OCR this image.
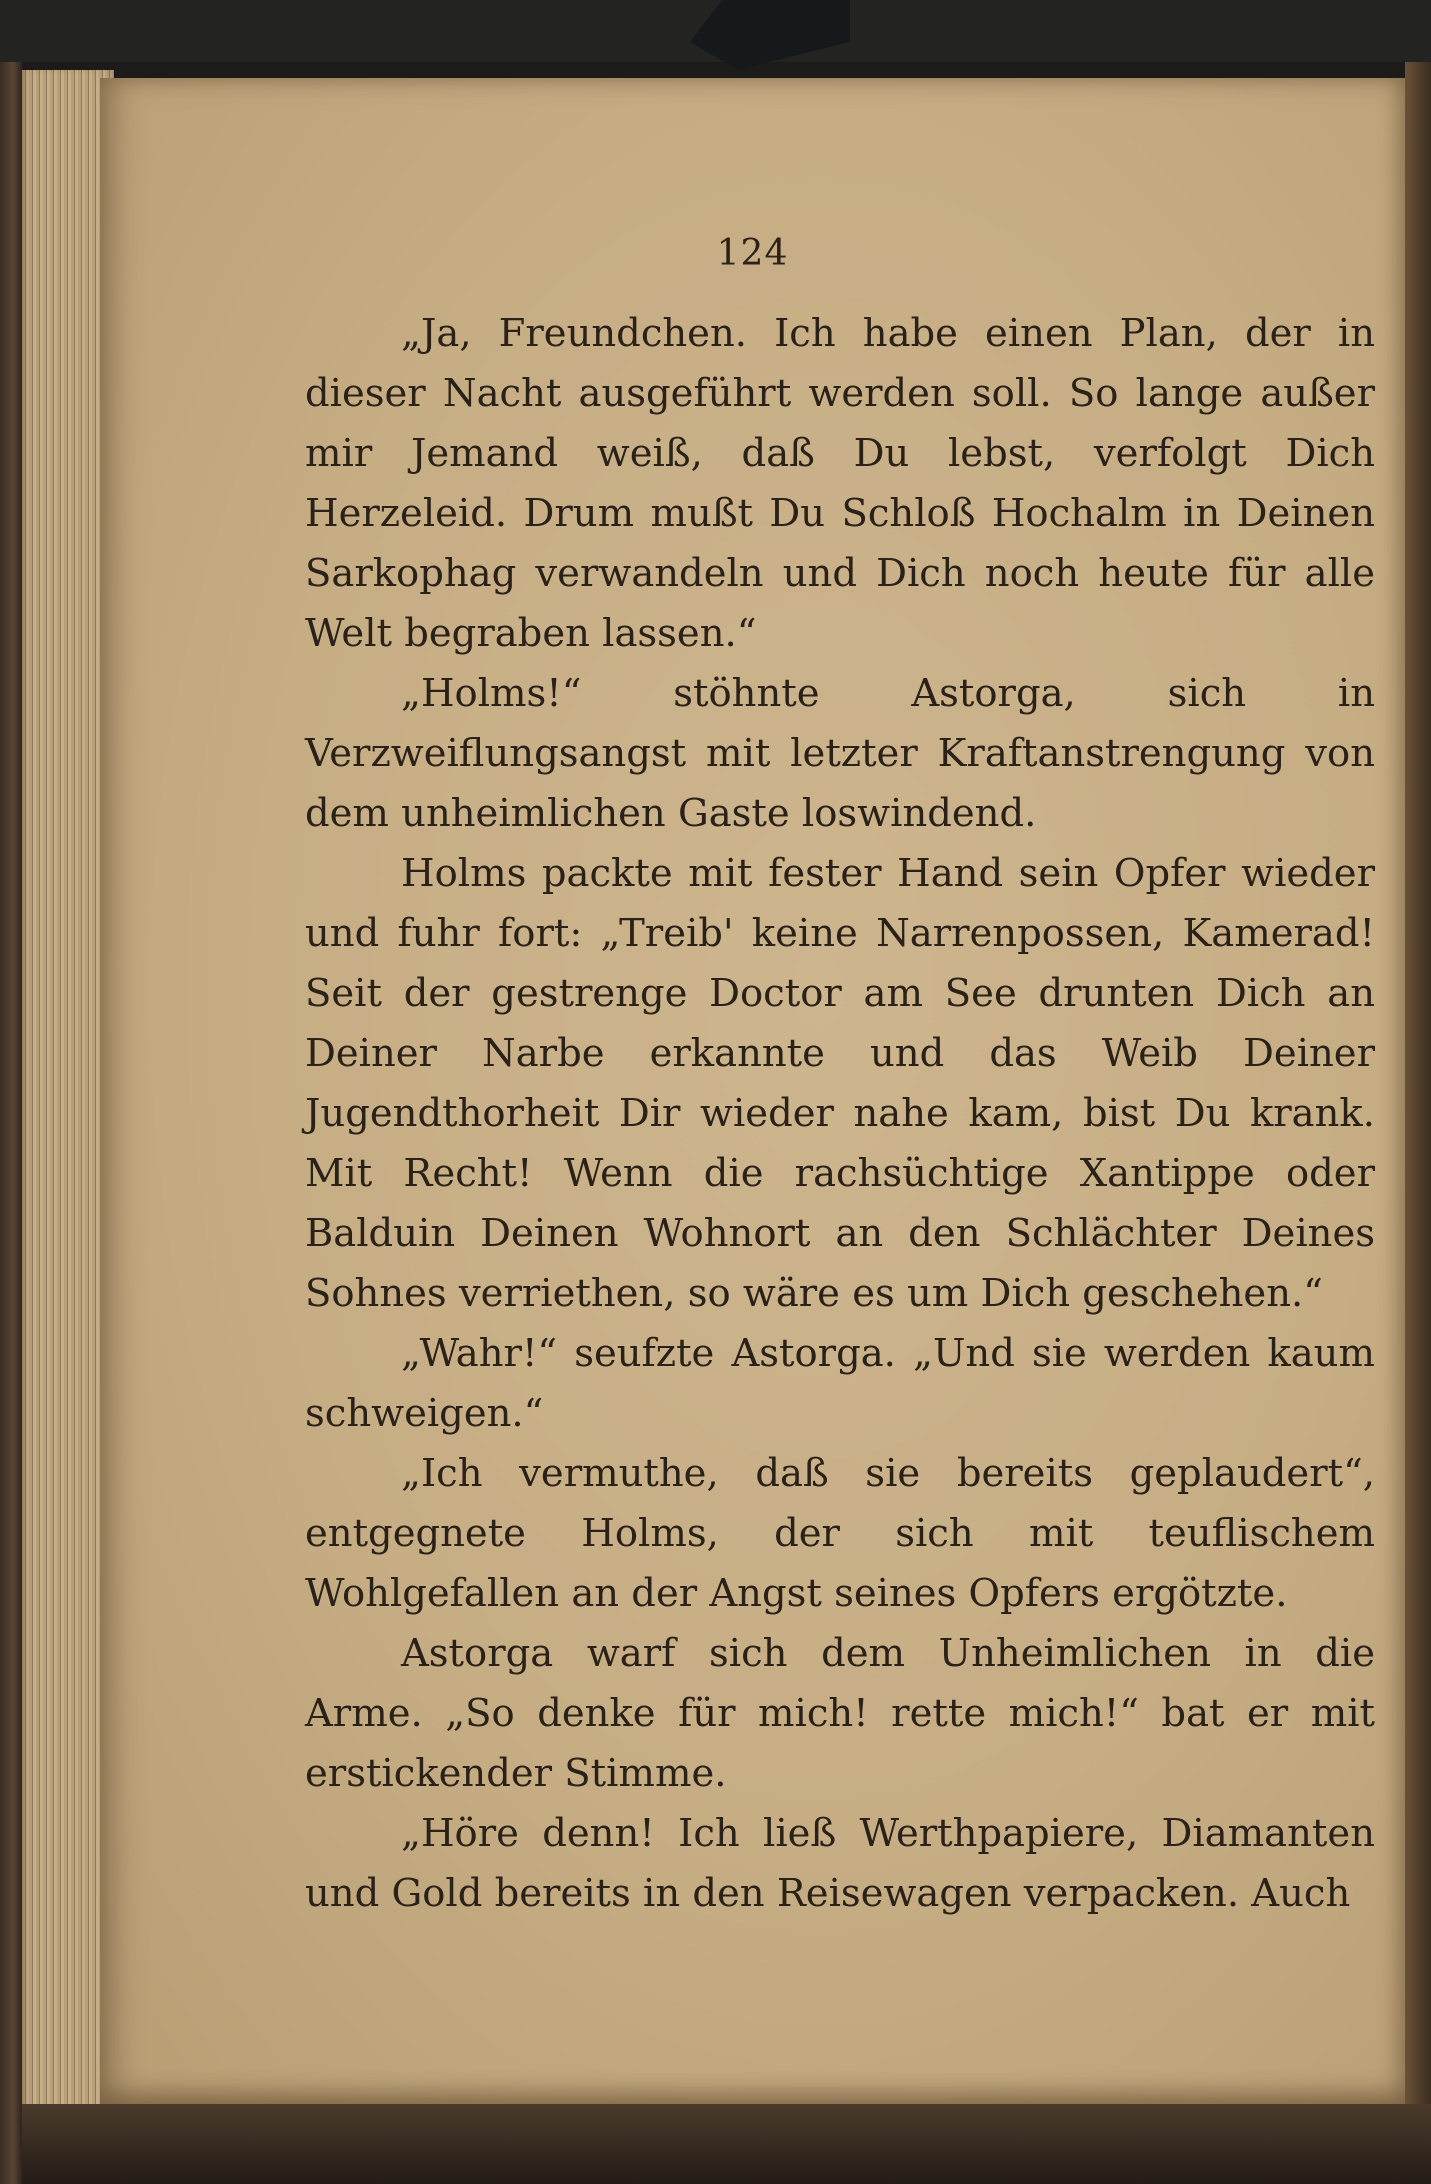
124

„Ja, Freundchen. Ich habe einen Plan, der in dieser Nacht ausgeführt werden soll. So lange außer mir Jemand weiß, daß Du lebst, verfolgt Dich Herzeleid. Drum mußt Du Schloß Hochalm in Deinen Sarkophag verwandeln und Dich noch heute für alle Welt begraben lassen.“

„Holms!“ stöhnte Astorga, sich in Verzweiflungsangst mit letzter Kraftanstrengung von dem unheimlichen Gaste loswindend.

Holms packte mit fester Hand sein Opfer wieder und fuhr fort: „Treib' keine Narrenpossen, Kamerad! Seit der gestrenge Doctor am See drunten Dich an Deiner Narbe erkannte und das Weib Deiner Jugendthorheit Dir wieder nahe kam, bist Du krank. Mit Recht! Wenn die rachsüchtige Xantippe oder Balduin Deinen Wohnort an den Schlächter Deines Sohnes verriethen, so wäre es um Dich geschehen.“

„Wahr!“ seufzte Astorga. „Und sie werden kaum schweigen.“

„Ich vermuthe, daß sie bereits geplaudert“, entgegnete Holms, der sich mit teuflischem Wohlgefallen an der Angst seines Opfers ergötzte.

Astorga warf sich dem Unheimlichen in die Arme. „So denke für mich! rette mich!“ bat er mit erstickender Stimme.

„Höre denn! Ich ließ Werthpapiere, Diamanten und Gold bereits in den Reisewagen verpacken. Auch
